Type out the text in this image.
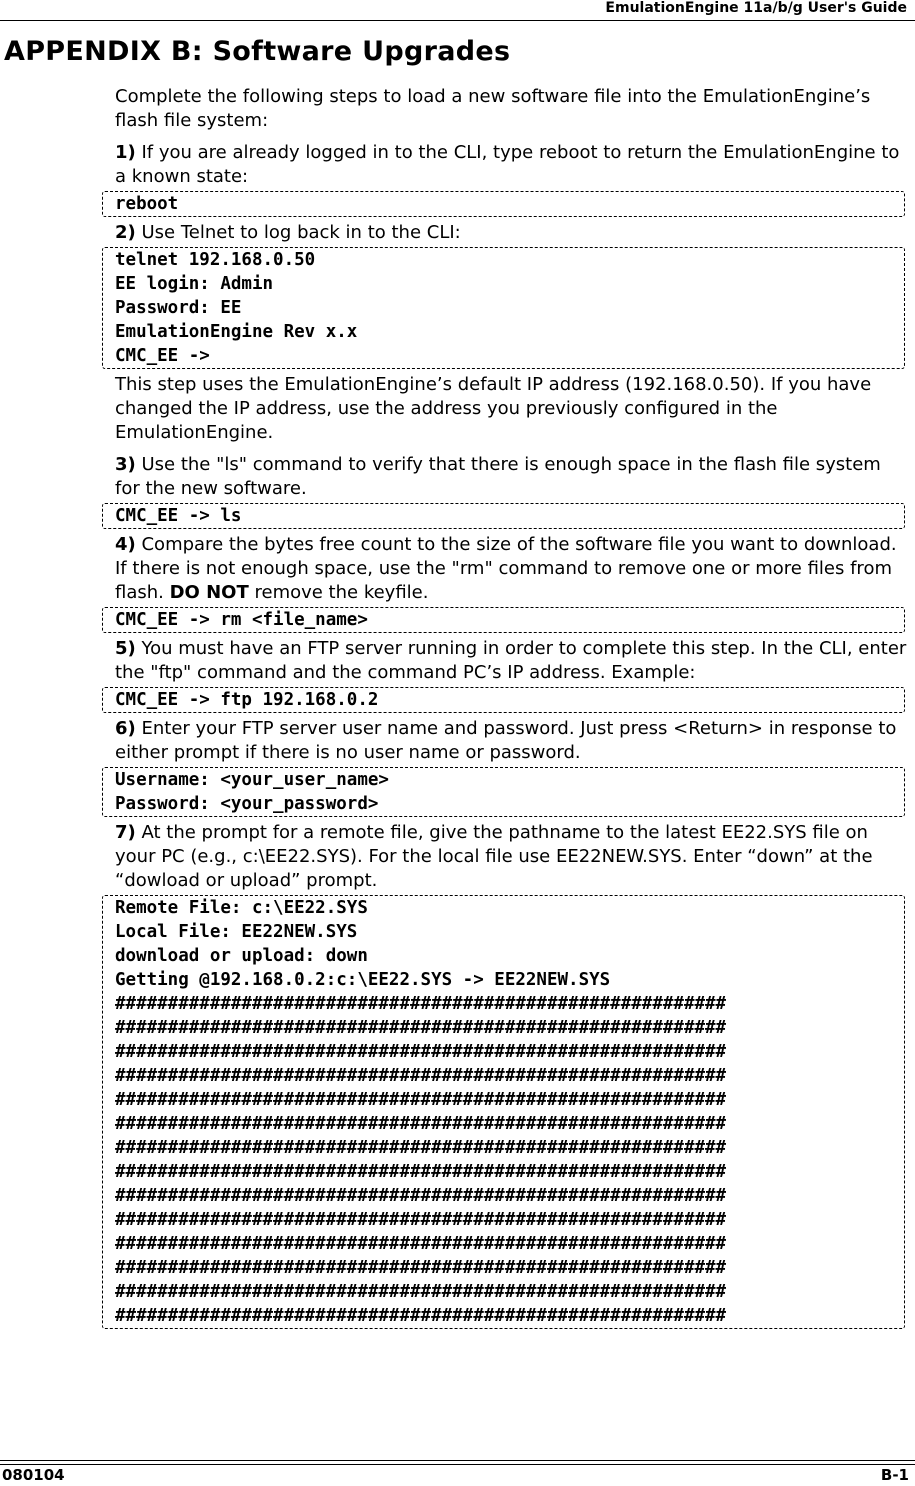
EmulationEngine 11a/b/g User's Guide
APPENDIX B: Software Upgrades

Complete the following steps to load a new software file into the EmulationEngine’s flash file system:

1) If you are already logged in to the CLI, type reboot to return the EmulationEngine to a known state:

reboot

2) Use Telnet to log back in to the CLI:

telnet 192.168.0.50
EE login: Admin
Password: EE
EmulationEngine Rev x.x
CMC_EE ->

This step uses the EmulationEngine’s default IP address (192.168.0.50). If you have changed the IP address, use the address you previously configured in the EmulationEngine.

3) Use the "ls" command to verify that there is enough space in the flash file system for the new software.

CMC_EE -> ls

4) Compare the bytes free count to the size of the software file you want to download. If there is not enough space, use the "rm" command to remove one or more files from flash. DO NOT remove the keyfile.

CMC_EE -> rm <file_name>

5) You must have an FTP server running in order to complete this step. In the CLI, enter the "ftp" command and the command PC’s IP address. Example:

CMC_EE -> ftp 192.168.0.2

6) Enter your FTP server user name and password. Just press <Return> in response to either prompt if there is no user name or password.

Username: <your_user_name>
Password: <your_password>

7) At the prompt for a remote file, give the pathname to the latest EE22.SYS file on your PC (e.g., c:\EE22.SYS). For the local file use EE22NEW.SYS. Enter “down” at the “dowload or upload” prompt.

Remote File: c:\EE22.SYS
Local File: EE22NEW.SYS
download or upload: down
Getting @192.168.0.2:c:\EE22.SYS -> EE22NEW.SYS
##########################################################
##########################################################
##########################################################
##########################################################
##########################################################
##########################################################
##########################################################
##########################################################
##########################################################
##########################################################
##########################################################
##########################################################
##########################################################
##########################################################
080104	B-1
